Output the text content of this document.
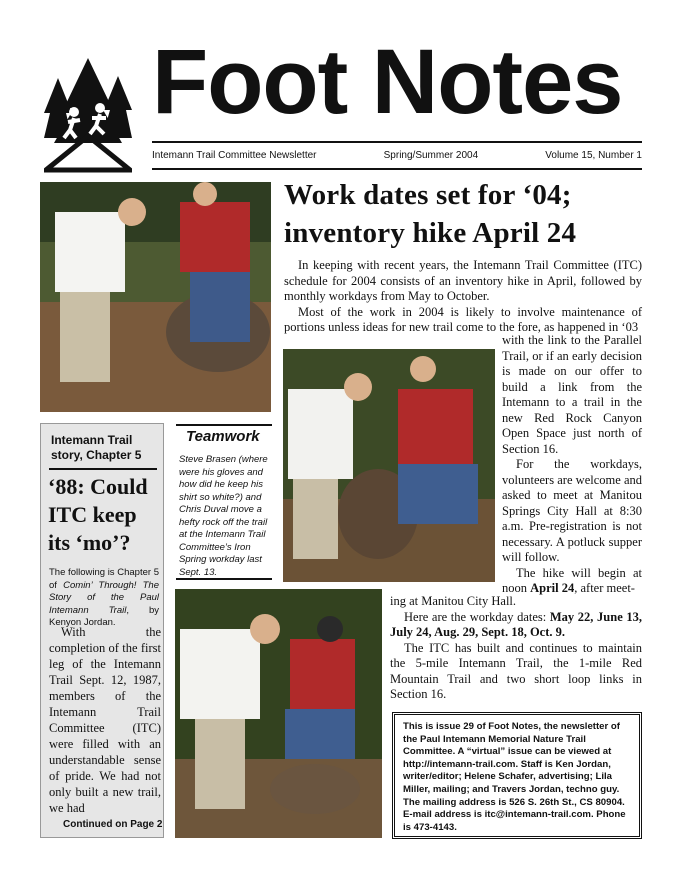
Foot Notes
Intemann Trail Committee Newsletter	Spring/Summer 2004	Volume 15, Number 1
Work dates set for ‘04;
inventory hike April 24

In keeping with recent years, the Intemann Trail Committee (ITC) schedule for 2004 consists of an inventory hike in April, followed by monthly workdays from May to October.

Most of the work in 2004 is likely to involve maintenance of portions unless ideas for new trail come to the fore, as happened in ‘03

with the link to the Parallel Trail, or if an early decision is made on our offer to build a link from the Intemann to a trail in the new Red Rock Canyon Open Space just north of Section 16.

For the workdays, volunteers are welcome and asked to meet at Manitou Springs City Hall at 8:30 a.m. Pre-registration is not necessary. A potluck supper will follow.

The hike will begin at noon April 24, after meet-

ing at Manitou City Hall.

Here are the workday dates: May 22, June 13, July 24, Aug. 29, Sept. 18, Oct. 9.

The ITC has built and continues to maintain the 5-mile Intemann Trail, the 1-mile Red Mountain Trail and two short loop links in Section 16.

Intemann Trail story, Chapter 5
‘88: Could ITC keep its ‘mo’?
The following is Chapter 5 of Comin’ Through! The Story of the Paul Intemann Trail, by Kenyon Jordan.
With the completion of the first leg of the Intemann Trail Sept. 12, 1987, members of the Intemann Trail Committee (ITC) were filled with an understandable sense of pride. We had not only built a new trail, we had
Continued on Page 2
Teamwork
Steve Brasen (where were his gloves and how did he keep his shirt so white?) and Chris Duval move a hefty rock off the trail at the Intemann Trail Committee’s Iron Spring workday last Sept. 13.
This is issue 29 of Foot Notes, the newsletter of the Paul Intemann Memorial Nature Trail Committee. A “virtual” issue can be viewed at http://intemann-trail.com. Staff is Ken Jordan, writer/editor; Helene Schafer, advertising; Lila Miller, mailing; and Travers Jordan, techno guy. The mailing address is 526 S. 26th St., CS 80904. E-mail address is itc@intemann-trail.com. Phone is 473-4143.
